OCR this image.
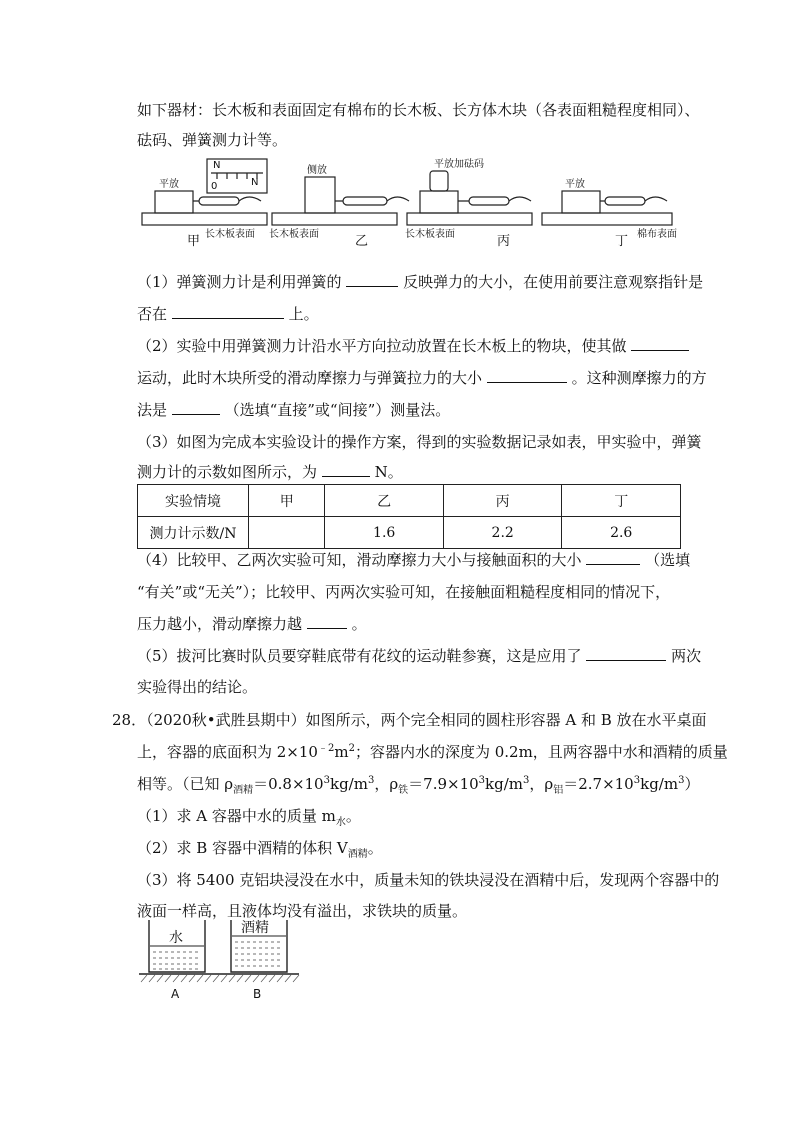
如下器材：长木板和表面固定有棉布的长木板、长方体木块（各表面粗糙程度相同）、
砝码、弹簧测力计等。
平放
侧放
平放加砝码
平放
N
N
0
长木板表面 长木板表面	长木板表面	棉布表面
甲	乙	丙	丁
（1）弹簧测力计是利用弹簧的	反映弹力的大小，在使用前要注意观察指针是
否在	上。
（2）实验中用弹簧测力计沿水平方向拉动放置在长木板上的物块，使其做
运动，此时木块所受的滑动摩擦力与弹簧拉力的大小	。这种测摩擦力的方
法是	（选填“直接”或“间接”）测量法。
（3）如图为完成本实验设计的操作方案，得到的实验数据记录如表，甲实验中，弹簧
测力计的示数如图所示，为	N。
实验情境	甲	乙	丙	丁
测力计示数/N		1.6	2.2	2.6
（4）比较甲、乙两次实验可知，滑动摩擦力大小与接触面积的大小	（选填
“有关”或“无关”）；比较甲、丙两次实验可知，在接触面粗糙程度相同的情况下，
压力越小，滑动摩擦力越	。
（5）拔河比赛时队员要穿鞋底带有花纹的运动鞋参赛，这是应用了	两次
实验得出的结论。
28．（2020秋•武胜县期中）如图所示，两个完全相同的圆柱形容器 A 和 B 放在水平桌面
上，容器的底面积为 $2\times 10^{﹣2}m^2$；容器内水的深度为 0.2m，且两容器中水和酒精的质量
相等。（已知 $\rho_{酒精}=0.8\times 10^3kg/m^3$，$\rho_铁=7.9\times 10^3kg/m^3$，$\rho_铝=2.7\times 10^3kg/m^3$）
（1）求 A 容器中水的质量 $m_水$。
（2）求 B 容器中酒精的体积 $V_{酒精}$。
（3）将 5400 克铝块浸没在水中，质量未知的铁块浸没在酒精中后，发现两个容器中的
液面一样高，且液体均没有溢出，求铁块的质量。
水
酒精
A	B
